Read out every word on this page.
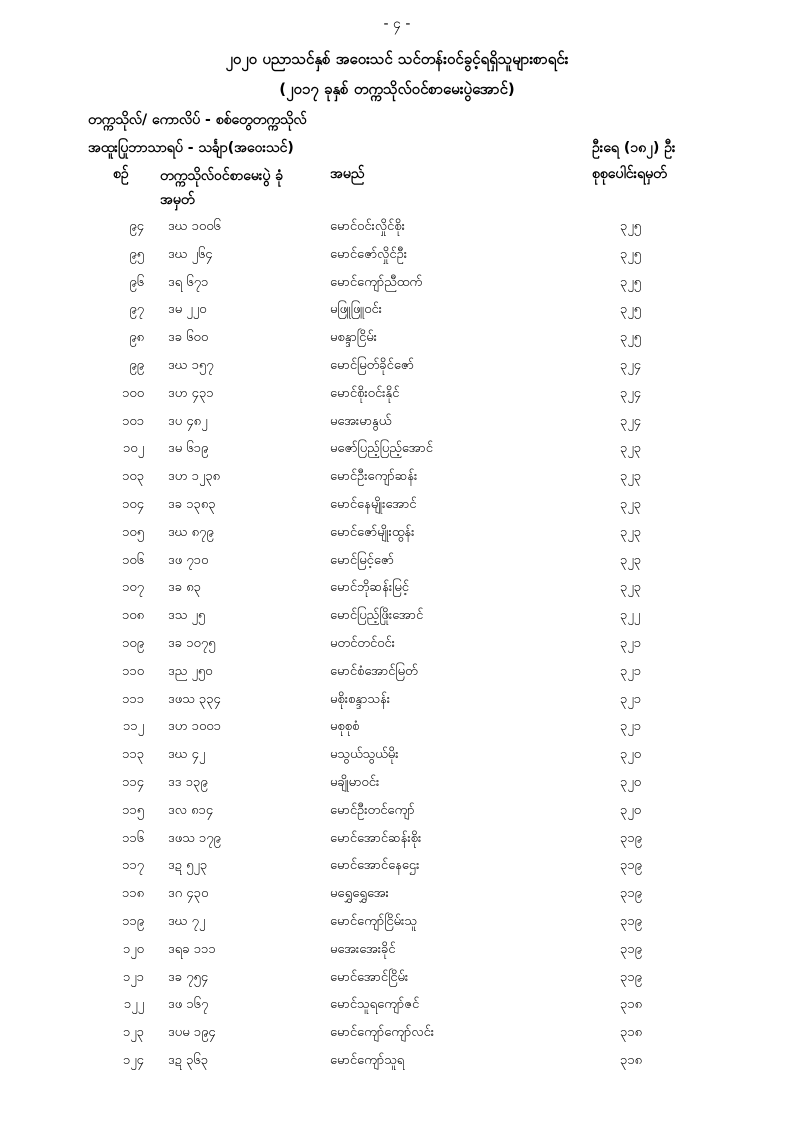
- ၄ -
၂၀၂၀ ပညာသင်နှစ် အဝေးသင် သင်တန်းဝင်ခွင့်ရရှိသူများစာရင်း
(၂၀၁၇ ခုနှစ် တက္ကသိုလ်ဝင်စာမေးပွဲအောင်)
တက္ကသိုလ်/ ကောလိပ် - စစ်တွေတက္ကသိုလ်
အထူးပြုဘာသာရပ် - သင်္ချာ(အဝေးသင်)	ဦးရေ (၁၈၂) ဦး
စဉ် တက္ကသိုလ်ဝင်စာမေးပွဲ ခုံအမှတ်
အမည်	စုစုပေါင်းရမှတ်
၉၄ ဒဃ ၁၀၀၆	မောင်ဝင်းလှိုင်စိုး	၃၂၅
၉၅ ဒဃ ၂၆၄	မောင်ဇော်လှိုင်ဦး	၃၂၅
၉၆ ဒရ ၆၇၁	မောင်ကျော်ညီထက်	၃၂၅
၉၇ ဒမ ၂၂၀	မဖြူဖြူဝင်း	၃၂၅
၉၈ ဒခ ၆၀၀	မစန္ဒာငြိမ်း	၃၂၅
၉၉ ဒဃ ၁၅၇	မောင်မြတ်ခိုင်ဇော်	၃၂၄
၁၀၀ ဒဟ ၄၃၁	မောင်စိုးဝင်းနိုင်	၃၂၄
၁၀၁ ဒပ ၄၈၂	မအေးမာနွယ်	၃၂၄
၁၀၂ ဒမ ၆၁၉	မဇော်ပြည့်ပြည့်အောင်	၃၂၃
၁၀၃ ဒဟ ၁၂၃၈	မောင်ဦးကျော်ဆန်း	၃၂၃
၁၀၄ ဒခ ၁၃၈၃	မောင်နေမျိုးအောင်	၃၂၃
၁၀၅ ဒဃ ၈၇၉	မောင်ဇော်မျိုးထွန်း	၃၂၃
၁၀၆ ဒဖ ၇၁၀	မောင်မြင့်ဇော်	၃၂၃
၁၀၇ ဒခ ၈၃	မောင်ဘိုဆန်းမြင့်	၃၂၃
၁၀၈ ဒသ ၂၅	မောင်ပြည့်ဖြိုးအောင်	၃၂၂
၁၀၉ ဒခ ၁၀၇၅	မတင်တင်ဝင်း	၃၂၁
၁၁၀ ဒည ၂၅၀	မောင်စံအောင်မြတ်	၃၂၁
၁၁၁ ဒဖသ ၃၃၄	မစိုးစန္ဒာသန်း	၃၂၁
၁၁၂ ဒဟ ၁၀၀၁	မစုစုစံ	၃၂၁
၁၁၃ ဒဃ ၄၂	မသွယ်သွယ်မိုး	၃၂၀
၁၁၄ ဒဒ ၁၃၉	မချိုမာဝင်း	၃၂၀
၁၁၅ ဒလ ၈၁၄	မောင်ဦးတင်ကျော်	၃၂၀
၁၁၆ ဒဖသ ၁၇၉	မောင်အောင်ဆန်းစိုး	၃၁၉
၁၁၇ ဒဍ ၅၂၃	မောင်အောင်နေဌေး	၃၁၉
၁၁၈ ဒဂ ၄၃၀	မရွှေရွှေအေး	၃၁၉
၁၁၉ ဒဃ ၇၂	မောင်ကျော်ငြိမ်းသူ	၃၁၉
၁၂၀ ဒရခ ၁၁၁	မအေးအေးခိုင်	၃၁၉
၁၂၁ ဒခ ၇၅၄	မောင်အောင်ငြိမ်း	၃၁၉
၁၂၂ ဒဖ ၁၆၇	မောင်သူရကျော်ဇင်	၃၁၈
၁၂၃ ဒပမ ၁၉၄	မောင်ကျော်ကျော်လင်း	၃၁၈
၁၂၄ ဒဍ ၃၆၃	မောင်ကျော်သူရ	၃၁၈
